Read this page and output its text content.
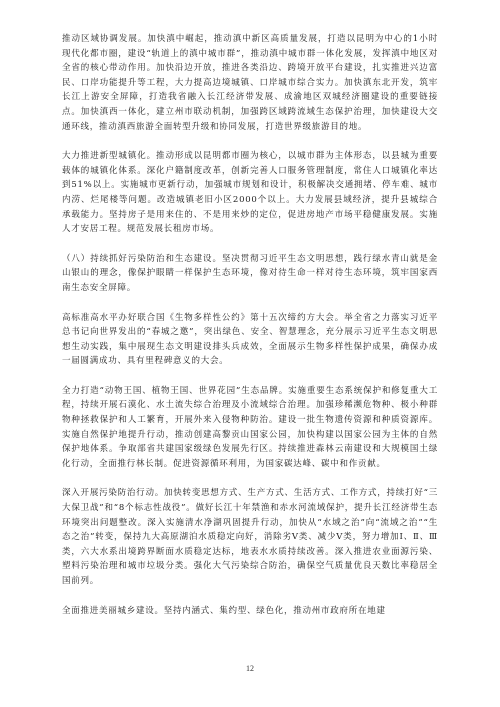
推动区域协调发展。加快滇中崛起，推动滇中新区高质量发展，打造以昆明为中心的1小时现代化都市圈，建设“轨道上的滇中城市群”，推动滇中城市群一体化发展，发挥滇中地区对全省的核心带动作用。加快沿边开放，推进各类沿边、跨境开放平台建设，扎实推进兴边富民、口岸功能提升等工程，大力提高边境城镇、口岸城市综合实力。加快滇东北开发，筑牢长江上游安全屏障，打造我省融入长江经济带发展、成渝地区双城经济圈建设的重要链接点。加快滇西一体化，建立州市联动机制，加强跨区域跨流域生态保护治理，加快建设大交通环线，推动滇西旅游全面转型升级和协同发展，打造世界级旅游目的地。

大力推进新型城镇化。推动形成以昆明都市圈为核心，以城市群为主体形态，以县城为重要载体的城镇化体系。深化户籍制度改革，创新完善人口服务管理制度，常住人口城镇化率达到51%以上。实施城市更新行动，加强城市规划和设计，积极解决交通拥堵、停车难、城市内涝、烂尾楼等问题。改造城镇老旧小区2000个以上。大力发展县域经济，提升县城综合承载能力。坚持房子是用来住的、不是用来炒的定位，促进房地产市场平稳健康发展。实施人才安居工程。规范发展长租房市场。

（八）持续抓好污染防治和生态建设。坚决贯彻习近平生态文明思想，践行绿水青山就是金山银山的理念，像保护眼睛一样保护生态环境，像对待生命一样对待生态环境，筑牢国家西南生态安全屏障。

高标准高水平办好联合国《生物多样性公约》第十五次缔约方大会。举全省之力落实习近平总书记向世界发出的“春城之邀”，突出绿色、安全、智慧理念，充分展示习近平生态文明思想生动实践，集中展现生态文明建设排头兵成效，全面展示生物多样性保护成果，确保办成一届圆满成功、具有里程碑意义的大会。

全力打造“动物王国、植物王国、世界花园”生态品牌。实施重要生态系统保护和修复重大工程，持续开展石漠化、水土流失综合治理及小流域综合治理。加强珍稀濒危物种、极小种群物种拯救保护和人工繁育，开展外来入侵物种防治。建设一批生物遗传资源和种质资源库。实施自然保护地提升行动，推动创建高黎贡山国家公园，加快构建以国家公园为主体的自然保护地体系。争取部省共建国家级绿色发展先行区。持续推进森林云南建设和大规模国土绿化行动，全面推行林长制。促进资源循环利用，为国家碳达峰、碳中和作贡献。

深入开展污染防治行动。加快转变思想方式、生产方式、生活方式、工作方式，持续打好“三大保卫战”和“8个标志性战役”。做好长江十年禁渔和赤水河流域保护，提升长江经济带生态环境突出问题整改。深入实施清水净湖巩固提升行动，加快从“水域之治”向“流域之治”“生态之治”转变，保持九大高原湖泊水质稳定向好，消除劣Ⅴ类、减少Ⅴ类，努力增加Ⅰ、Ⅱ、Ⅲ类，六大水系出境跨界断面水质稳定达标，地表水水质持续改善。深入推进农业面源污染、塑料污染治理和城市垃圾分类。强化大气污染综合防治，确保空气质量优良天数比率稳居全国前列。

全面推进美丽城乡建设。坚持内涵式、集约型、绿色化，推动州市政府所在地建

12
